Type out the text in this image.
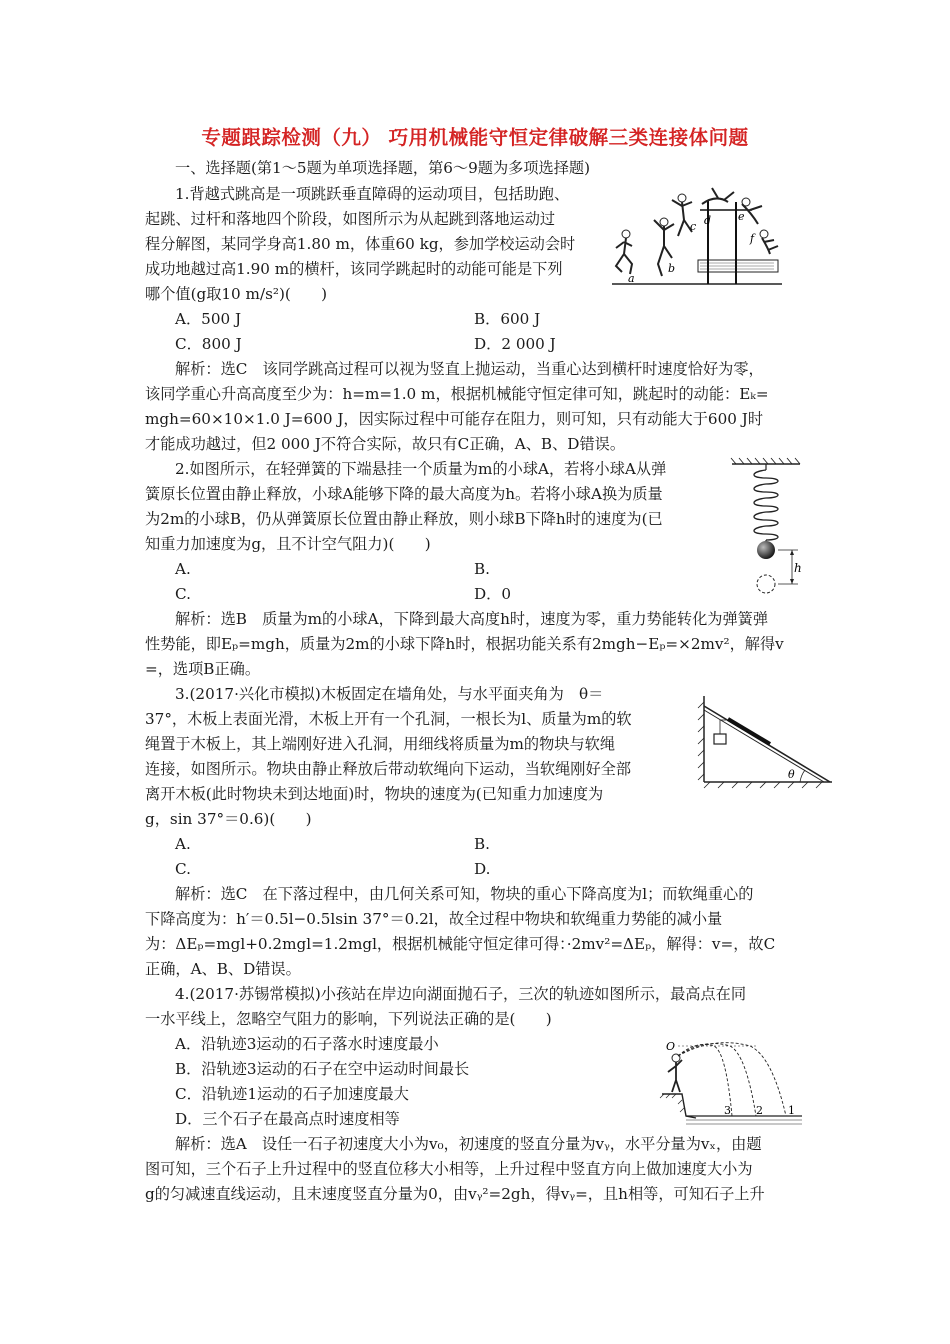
专题跟踪检测（九） 巧用机械能守恒定律破解三类连接体问题
一、选择题(第1～5题为单项选择题，第6～9题为多项选择题)
1.背越式跳高是一项跳跃垂直障碍的运动项目，包括助跑、
起跳、过杆和落地四个阶段，如图所示为从起跳到落地运动过
程分解图，某同学身高1.80 m，体重60 kg，参加学校运动会时
成功地越过高1.90 m的横杆，该同学跳起时的动能可能是下列
哪个值(g取10 m/s²)(　　)
A．500 J	B．600 J
C．800 J	D．2 000 J
解析：选C　该同学跳高过程可以视为竖直上抛运动，当重心达到横杆时速度恰好为零，
该同学重心升高高度至少为：h=m=1.0 m，根据机械能守恒定律可知，跳起时的动能：Eₖ=
mgh=60×10×1.0 J=600 J，因实际过程中可能存在阻力，则可知，只有动能大于600 J时
才能成功越过，但2 000 J不符合实际，故只有C正确，A、B、D错误。
a
b
c d e
f
2.如图所示，在轻弹簧的下端悬挂一个质量为m的小球A，若将小球A从弹
簧原长位置由静止释放，小球A能够下降的最大高度为h。若将小球A换为质量
为2m的小球B，仍从弹簧原长位置由静止释放，则小球B下降h时的速度为(已
知重力加速度为g，且不计空气阻力)(　　)
A.	B.
C.	D．0
解析：选B　质量为m的小球A，下降到最大高度h时，速度为零，重力势能转化为弹簧弹
性势能，即Eₚ=mgh，质量为2m的小球下降h时，根据功能关系有2mgh−Eₚ=×2mv²，解得v
=，选项B正确。
h
3.(2017·兴化市模拟)木板固定在墙角处，与水平面夹角为　θ＝
37°，木板上表面光滑，木板上开有一个孔洞，一根长为l、质量为m的软
绳置于木板上，其上端刚好进入孔洞，用细线将质量为m的物块与软绳
连接，如图所示。物块由静止释放后带动软绳向下运动，当软绳刚好全部
离开木板(此时物块未到达地面)时，物块的速度为(已知重力加速度为
g，sin 37°＝0.6)(　　)
A.	B.
C.	D.
解析：选C　在下落过程中，由几何关系可知，物块的重心下降高度为l；而软绳重心的
下降高度为：h′＝0.5l−0.5lsin 37°＝0.2l，故全过程中物块和软绳重力势能的减小量
为：ΔEₚ=mgl+0.2mgl=1.2mgl，根据机械能守恒定律可得：·2mv²=ΔEₚ，解得：v=，故C
正确，A、B、D错误。
θ
4.(2017·苏锡常模拟)小孩站在岸边向湖面抛石子，三次的轨迹如图所示，最高点在同
一水平线上，忽略空气阻力的影响，下列说法正确的是(　　)
A．沿轨迹3运动的石子落水时速度最小
B．沿轨迹3运动的石子在空中运动时间最长
C．沿轨迹1运动的石子加速度最大
D．三个石子在最高点时速度相等
解析：选A　设任一石子初速度大小为v₀，初速度的竖直分量为vᵧ，水平分量为vₓ，由题
图可知，三个石子上升过程中的竖直位移大小相等，上升过程中竖直方向上做加速度大小为
g的匀减速直线运动，且末速度竖直分量为0，由vᵧ²=2gh，得vᵧ=，且h相等，可知石子上升
O
3 2 1
